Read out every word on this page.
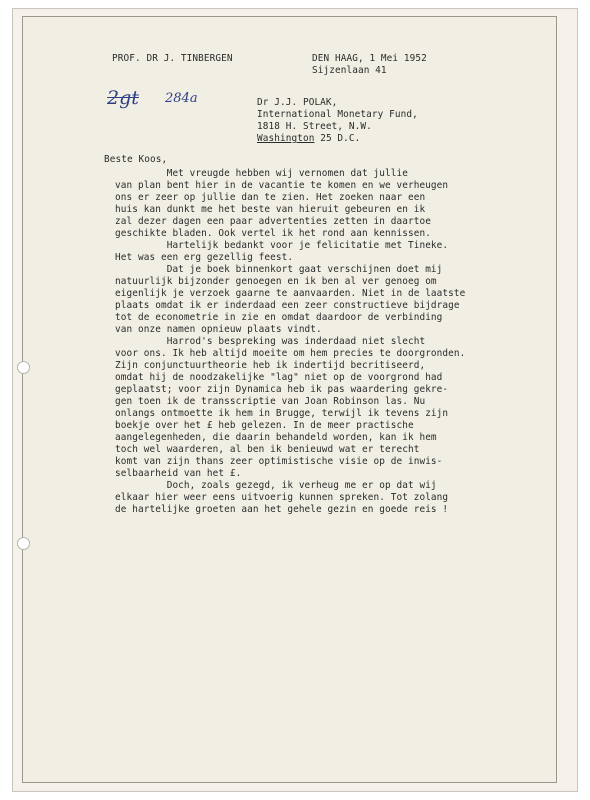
PROF. DR J. TINBERGEN	DEN HAAG, 1 Mei 1952
Sijzenlaan 41
2gt 284a	Dr J.J. POLAK,
International Monetary Fund,
1818 H. Street, N.W.
Washington 25 D.C.
Beste Koos,
Met vreugde hebben wij vernomen dat jullie
van plan bent hier in de vacantie te komen en we verheugen
ons er zeer op jullie dan te zien. Het zoeken naar een
huis kan dunkt me het beste van hieruit gebeuren en ik
zal dezer dagen een paar advertenties zetten in daartoe
geschikte bladen. Ook vertel ik het rond aan kennissen.
Hartelijk bedankt voor je felicitatie met Tineke.
Het was een erg gezellig feest.
Dat je boek binnenkort gaat verschijnen doet mij
natuurlijk bijzonder genoegen en ik ben al ver genoeg om
eigenlijk je verzoek gaarne te aanvaarden. Niet in de laatste
plaats omdat ik er inderdaad een zeer constructieve bijdrage
tot de econometrie in zie en omdat daardoor de verbinding
van onze namen opnieuw plaats vindt.
Harrod's bespreking was inderdaad niet slecht
voor ons. Ik heb altijd moeite om hem precies te doorgronden.
Zijn conjunctuurtheorie heb ik indertijd becritiseerd,
omdat hij de noodzakelijke "lag" niet op de voorgrond had
geplaatst; voor zijn Dynamica heb ik pas waardering gekre-
gen toen ik de transscriptie van Joan Robinson las. Nu
onlangs ontmoette ik hem in Brugge, terwijl ik tevens zijn
boekje over het £ heb gelezen. In de meer practische
aangelegenheden, die daarin behandeld worden, kan ik hem
toch wel waarderen, al ben ik benieuwd wat er terecht
komt van zijn thans zeer optimistische visie op de inwis-
selbaarheid van het £.
Doch, zoals gezegd, ik verheug me er op dat wij
elkaar hier weer eens uitvoerig kunnen spreken. Tot zolang
de hartelijke groeten aan het gehele gezin en goede reis !
